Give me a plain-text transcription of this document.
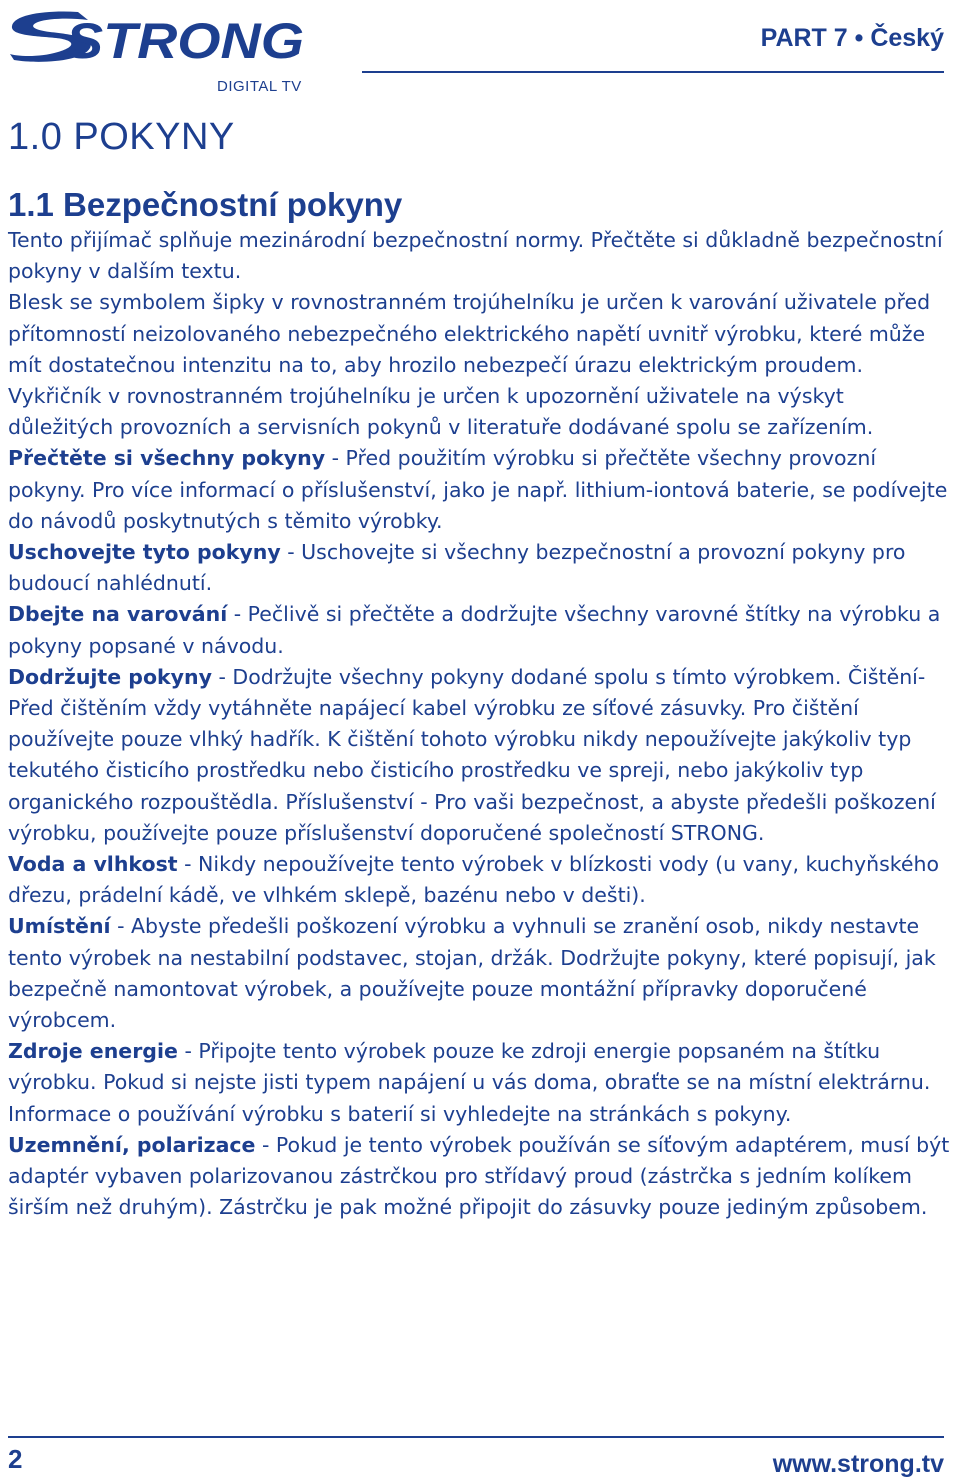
STRONG
DIGITAL TV
PART 7 • Český
1.0 POKYNY
1.1 Bezpečnostní pokyny

Tento přijímač splňuje mezinárodní bezpečnostní normy. Přečtěte si důkladně bezpečnostní pokyny v dalším textu.

Blesk se symbolem šipky v rovnostranném trojúhelníku je určen k varování uživatele před přítomností neizolovaného nebezpečného elektrického napětí uvnitř výrobku, které může mít dostatečnou intenzitu na to, aby hrozilo nebezpečí úrazu elektrickým proudem.

Vykřičník v rovnostranném trojúhelníku je určen k upozornění uživatele na výskyt důležitých provozních a servisních pokynů v literatuře dodávané spolu se zařízením.

Přečtěte si všechny pokyny - Před použitím výrobku si přečtěte všechny provozní pokyny. Pro více informací o příslušenství, jako je např. lithium-iontová baterie, se podívejte do návodů poskytnutých s těmito výrobky.

Uschovejte tyto pokyny - Uschovejte si všechny bezpečnostní a provozní pokyny pro budoucí nahlédnutí.

Dbejte na varování - Pečlivě si přečtěte a dodržujte všechny varovné štítky na výrobku a pokyny popsané v návodu.

Dodržujte pokyny - Dodržujte všechny pokyny dodané spolu s tímto výrobkem. Čištění-Před čištěním vždy vytáhněte napájecí kabel výrobku ze síťové zásuvky. Pro čištění používejte pouze vlhký hadřík. K čištění tohoto výrobku nikdy nepoužívejte jakýkoliv typ tekutého čisticího prostředku nebo čisticího prostředku ve spreji, nebo jakýkoliv typ organického rozpouštědla. Příslušenství - Pro vaši bezpečnost, a abyste předešli poškození výrobku, používejte pouze příslušenství doporučené společností STRONG.

Voda a vlhkost - Nikdy nepoužívejte tento výrobek v blízkosti vody (u vany, kuchyňského dřezu, prádelní kádě, ve vlhkém sklepě, bazénu nebo v dešti).

Umístění - Abyste předešli poškození výrobku a vyhnuli se zranění osob, nikdy nestavte tento výrobek na nestabilní podstavec, stojan, držák. Dodržujte pokyny, které popisují, jak bezpečně namontovat výrobek, a používejte pouze montážní přípravky doporučené výrobcem.

Zdroje energie - Připojte tento výrobek pouze ke zdroji energie popsaném na štítku výrobku. Pokud si nejste jisti typem napájení u vás doma, obraťte se na místní elektrárnu.

Informace o používání výrobku s baterií si vyhledejte na stránkách s pokyny.

Uzemnění, polarizace - Pokud je tento výrobek používán se síťovým adaptérem, musí být adaptér vybaven polarizovanou zástrčkou pro střídavý proud (zástrčka s jedním kolíkem širším než druhým). Zástrčku je pak možné připojit do zásuvky pouze jediným způsobem.

2	www.strong.tv
